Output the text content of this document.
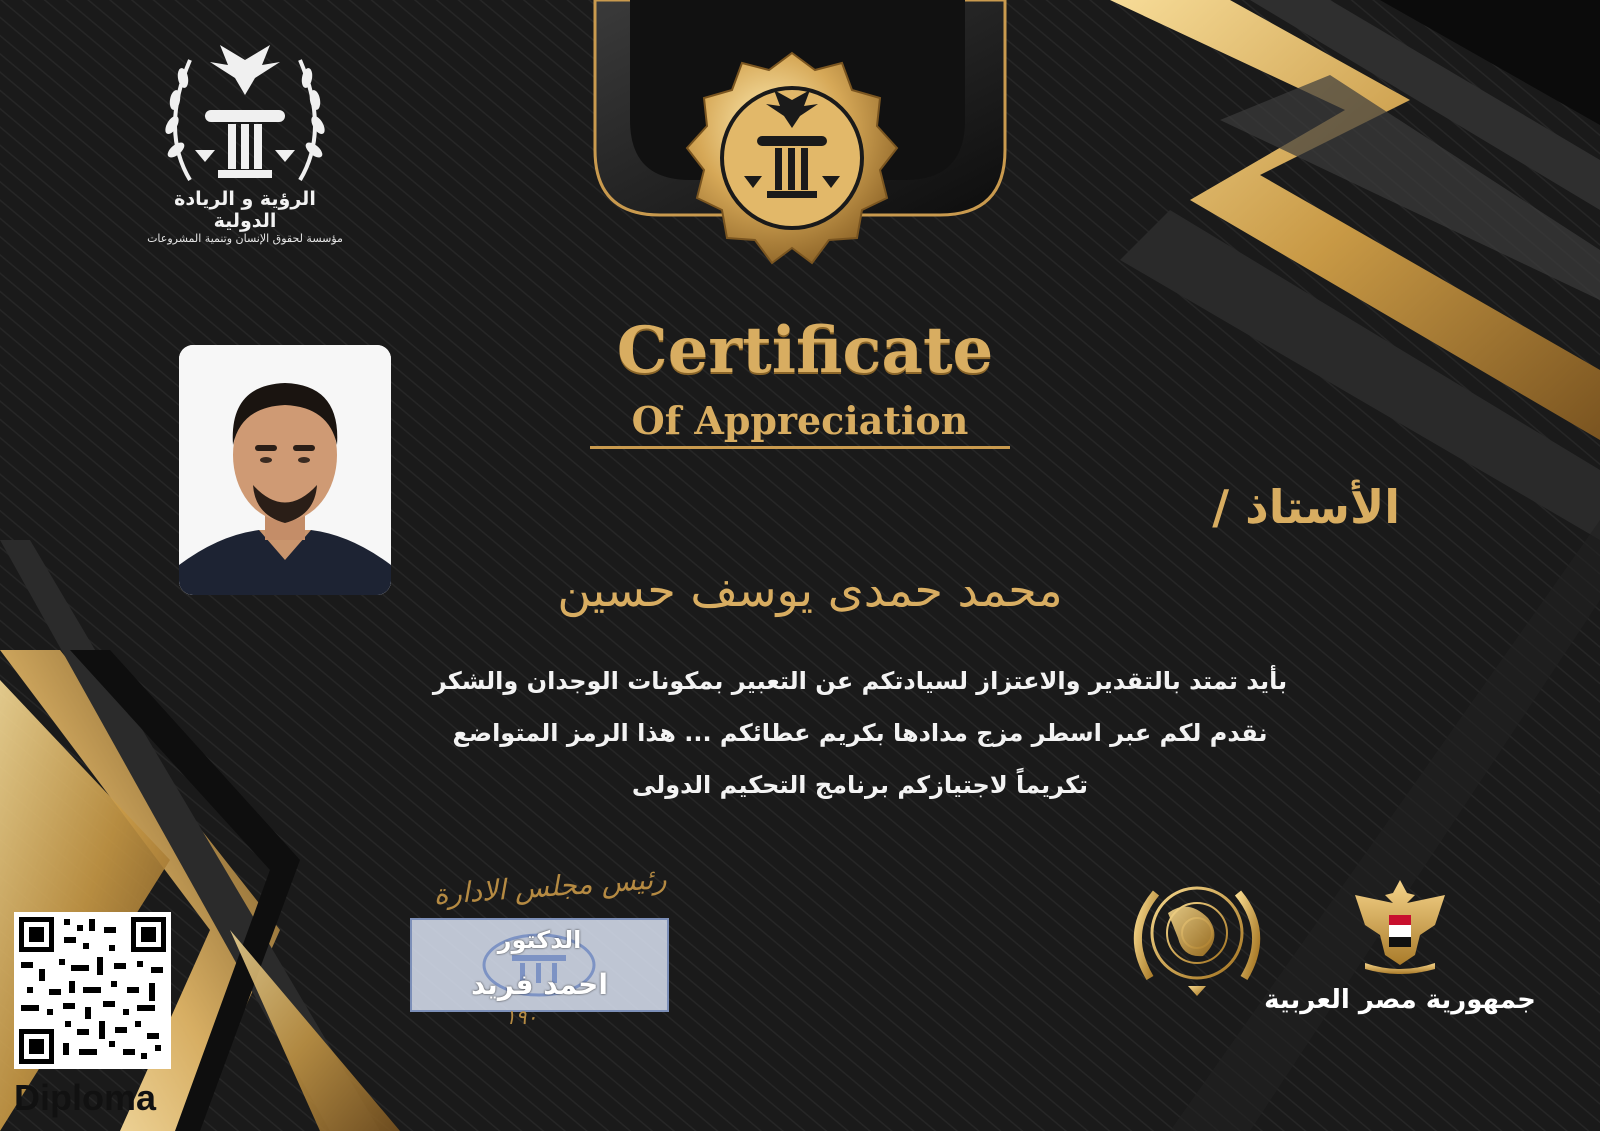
الرؤية و الريادة الدولية
مؤسسة لحقوق الإنسان وتنمية المشروعات
Certificate
Of Appreciation
الأستاذ /
محمد حمدى يوسف حسين
بأيد تمتد بالتقدير والاعتزاز لسيادتكم عن التعبير بمكونات الوجدان والشكر
نقدم لكم عبر اسطر مزج مدادها بكريم عطائكم ... هذا الرمز المتواضع
تكريماً لاجتيازكم برنامج التحكيم الدولى
رئيس مجلس الادارة
الدكتور
احمد فريد
١٩٠
جمهورية مصر العربية
Diploma
